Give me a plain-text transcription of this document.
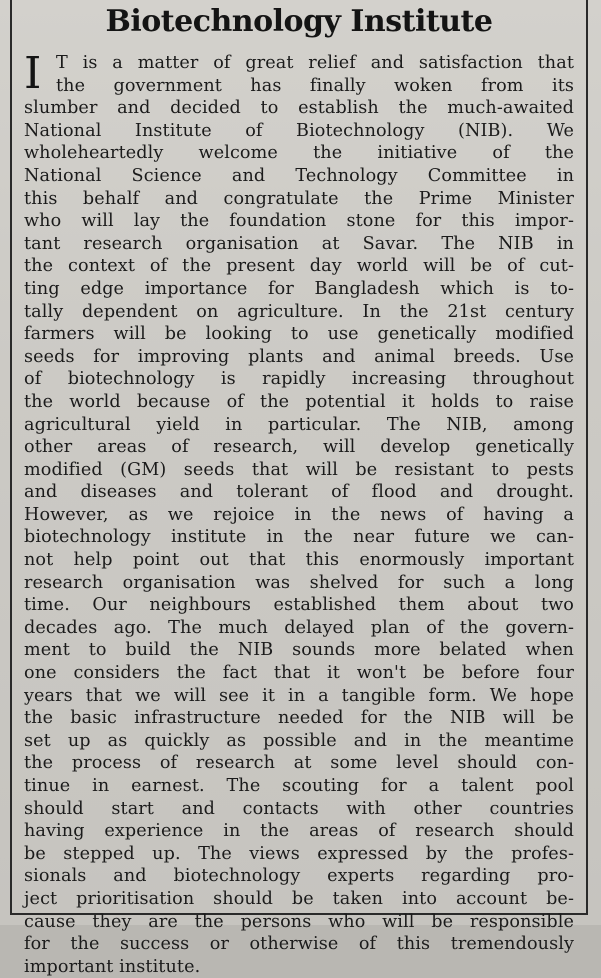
Biotechnology Institute
I T is a matter of great relief and satisfaction that
the government has finally woken from its
slumber and decided to establish the much-awaited
National Institute of Biotechnology (NIB). We
wholeheartedly welcome the initiative of the
National Science and Technology Committee in
this behalf and congratulate the Prime Minister
who will lay the foundation stone for this impor-
tant research organisation at Savar. The NIB in
the context of the present day world will be of cut-
ting edge importance for Bangladesh which is to-
tally dependent on agriculture. In the 21st century
farmers will be looking to use genetically modified
seeds for improving plants and animal breeds. Use
of biotechnology is rapidly increasing throughout
the world because of the potential it holds to raise
agricultural yield in particular. The NIB, among
other areas of research, will develop genetically
modified (GM) seeds that will be resistant to pests
and diseases and tolerant of flood and drought.
However, as we rejoice in the news of having a
biotechnology institute in the near future we can-
not help point out that this enormously important
research organisation was shelved for such a long
time. Our neighbours established them about two
decades ago. The much delayed plan of the govern-
ment to build the NIB sounds more belated when
one considers the fact that it won't be before four
years that we will see it in a tangible form. We hope
the basic infrastructure needed for the NIB will be
set up as quickly as possible and in the meantime
the process of research at some level should con-
tinue in earnest. The scouting for a talent pool
should start and contacts with other countries
having experience in the areas of research should
be stepped up. The views expressed by the profes-
sionals and biotechnology experts regarding pro-
ject prioritisation should be taken into account be-
cause they are the persons who will be responsible
for the success or otherwise of this tremendously
important institute.
